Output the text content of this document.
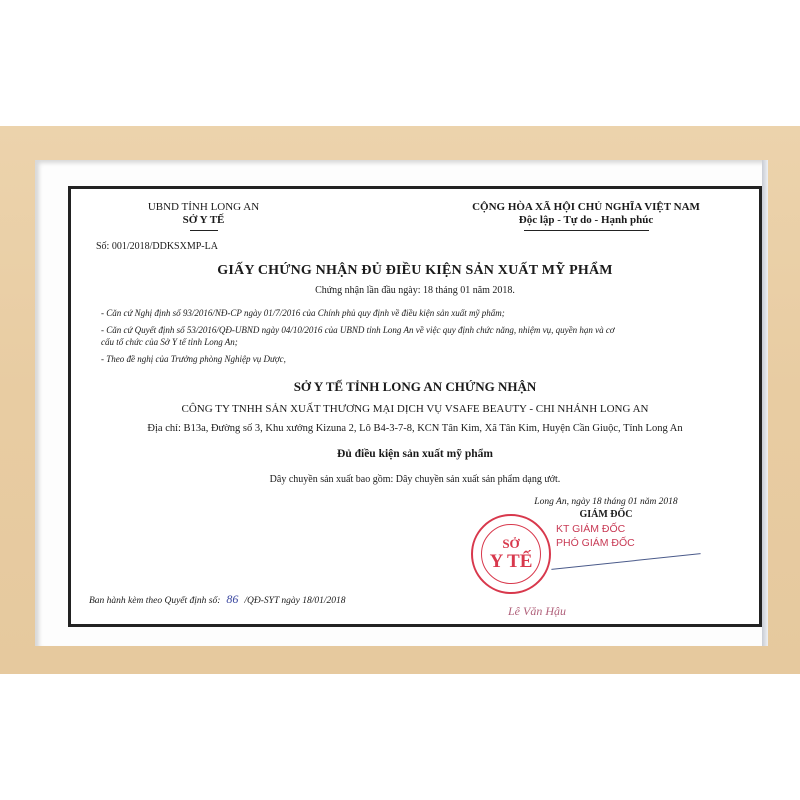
UBND TỈNH LONG AN
SỞ Y TẾ
Số: 001/2018/DDKSXMP-LA
CỘNG HÒA XÃ HỘI CHỦ NGHĨA VIỆT NAM
Độc lập - Tự do - Hạnh phúc
GIẤY CHỨNG NHẬN ĐỦ ĐIỀU KIỆN SẢN XUẤT MỸ PHẨM
Chứng nhận lần đầu ngày: 18 tháng 01 năm 2018.
- Căn cứ Nghị định số 93/2016/NĐ-CP ngày 01/7/2016 của Chính phủ quy định về điều kiện sản xuất mỹ phẩm;
- Căn cứ Quyết định số 53/2016/QĐ-UBND ngày 04/10/2016 của UBND tỉnh Long An về việc quy định chức năng, nhiệm vụ, quyền hạn và cơ
cấu tổ chức của Sở Y tế tỉnh Long An;
- Theo đề nghị của Trưởng phòng Nghiệp vụ Dược,
SỞ Y TẾ TỈNH LONG AN CHỨNG NHẬN
CÔNG TY TNHH SẢN XUẤT THƯƠNG MẠI DỊCH VỤ VSAFE BEAUTY - CHI NHÁNH LONG AN
Địa chỉ: B13a, Đường số 3, Khu xưởng Kizuna 2, Lô B4-3-7-8, KCN Tân Kim, Xã Tân Kim, Huyện Cần Giuộc, Tỉnh Long An
Đủ điều kiện sản xuất mỹ phẩm
Dây chuyền sản xuất bao gồm: Dây chuyền sản xuất sản phẩm dạng ướt.
Long An, ngày 18 tháng 01 năm 2018
GIÁM ĐỐC
SỞ
Y TẾ
KT GIÁM ĐỐC
PHÓ GIÁM ĐỐC
Ban hành kèm theo Quyết định số: 86 /QĐ-SYT ngày 18/01/2018
Lê Văn Hậu
